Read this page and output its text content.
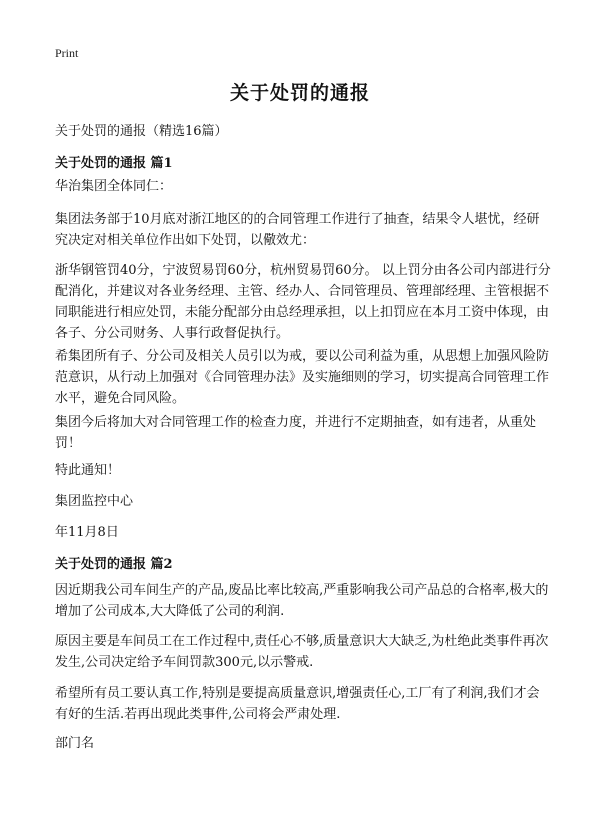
Print
关于处罚的通报
关于处罚的通报（精选16篇）
关于处罚的通报 篇1
华治集团全体同仁：
集团法务部于10月底对浙江地区的的合同管理工作进行了抽查，结果令人堪忧，经研究决定对相关单位作出如下处罚，以儆效尤：
浙华钢管罚40分，宁波贸易罚60分，杭州贸易罚60分。 以上罚分由各公司内部进行分配消化，并建议对各业务经理、主管、经办人、合同管理员、管理部经理、主管根据不同职能进行相应处罚，未能分配部分由总经理承担，以上扣罚应在本月工资中体现，由各子、分公司财务、人事行政督促执行。
希集团所有子、分公司及相关人员引以为戒，要以公司利益为重，从思想上加强风险防范意识，从行动上加强对《合同管理办法》及实施细则的学习，切实提高合同管理工作水平，避免合同风险。
集团今后将加大对合同管理工作的检查力度，并进行不定期抽查，如有违者，从重处罚！
特此通知！
集团监控中心
年11月8日
关于处罚的通报 篇2
因近期我公司车间生产的产品,废品比率比较高,严重影响我公司产品总的合格率,极大的增加了公司成本,大大降低了公司的利润.
原因主要是车间员工在工作过程中,责任心不够,质量意识大大缺乏,为杜绝此类事件再次发生,公司决定给予车间罚款300元,以示警戒.
希望所有员工要认真工作,特别是要提高质量意识,增强责任心,工厂有了利润,我们才会有好的生活.若再出现此类事件,公司将会严肃处理.
部门名
